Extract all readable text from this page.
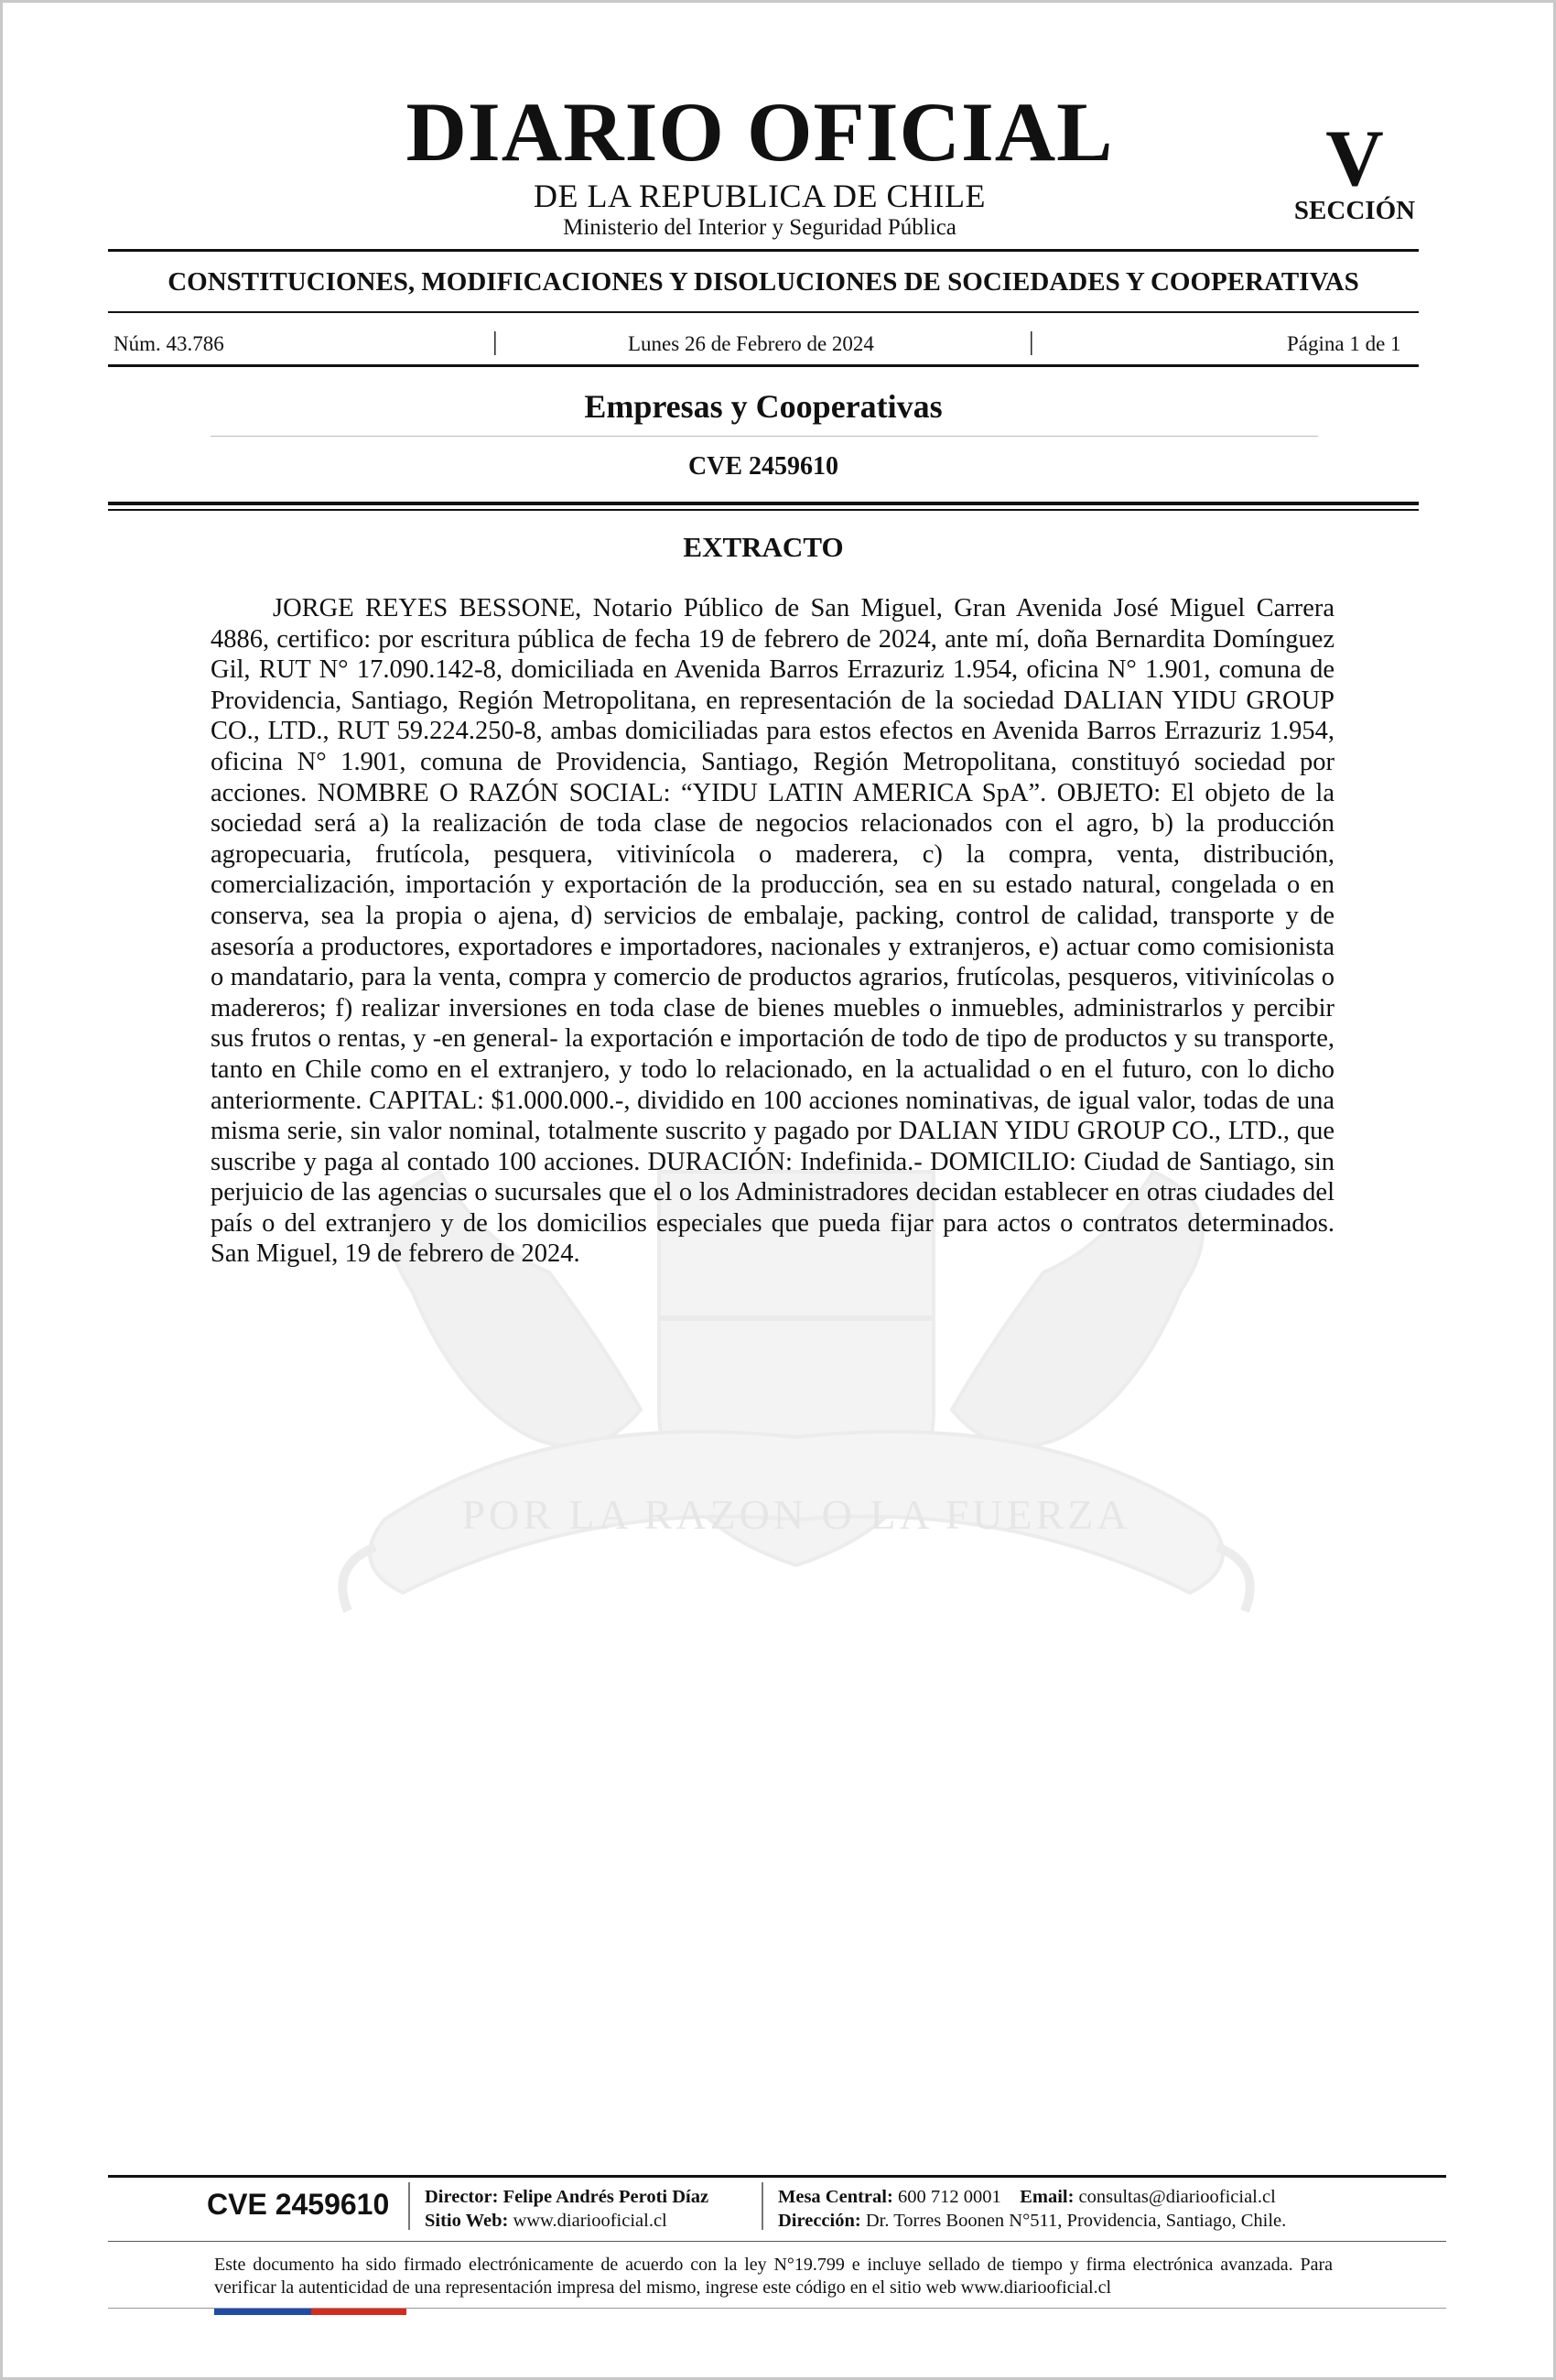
DIARIO OFICIAL
DE LA REPUBLICA DE CHILE
Ministerio del Interior y Seguridad Pública
V
SECCIÓN
CONSTITUCIONES, MODIFICACIONES Y DISOLUCIONES DE SOCIEDADES Y COOPERATIVAS
Núm. 43.786	|	Lunes 26 de Febrero de 2024	|	Página 1 de 1
Empresas y Cooperativas
CVE 2459610
POR LA RAZON O LA FUERZA
EXTRACTO

JORGE REYES BESSONE, Notario Público de San Miguel, Gran Avenida José Miguel Carrera 4886, certifico: por escritura pública de fecha 19 de febrero de 2024, ante mí, doña Bernardita Domínguez Gil, RUT N° 17.090.142-8, domiciliada en Avenida Barros Errazuriz 1.954, oficina N° 1.901, comuna de Providencia, Santiago, Región Metropolitana, en representación de la sociedad DALIAN YIDU GROUP CO., LTD., RUT 59.224.250-8, ambas domiciliadas para estos efectos en Avenida Barros Errazuriz 1.954, oficina N° 1.901, comuna de Providencia, Santiago, Región Metropolitana, constituyó sociedad por acciones. NOMBRE O RAZÓN SOCIAL: “YIDU LATIN AMERICA SpA”. OBJETO: El objeto de la sociedad será a) la realización de toda clase de negocios relacionados con el agro, b) la producción agropecuaria, frutícola, pesquera, vitivinícola o maderera, c) la compra, venta, distribución, comercialización, importación y exportación de la producción, sea en su estado natural, congelada o en conserva, sea la propia o ajena, d) servicios de embalaje, packing, control de calidad, transporte y de asesoría a productores, exportadores e importadores, nacionales y extranjeros, e) actuar como comisionista o mandatario, para la venta, compra y comercio de productos agrarios, frutícolas, pesqueros, vitivinícolas o madereros; f) realizar inversiones en toda clase de bienes muebles o inmuebles, administrarlos y percibir sus frutos o rentas, y -en general- la exportación e importación de todo de tipo de productos y su transporte, tanto en Chile como en el extranjero, y todo lo relacionado, en la actualidad o en el futuro, con lo dicho anteriormente. CAPITAL: $1.000.000.-, dividido en 100 acciones nominativas, de igual valor, todas de una misma serie, sin valor nominal, totalmente suscrito y pagado por DALIAN YIDU GROUP CO., LTD., que suscribe y paga al contado 100 acciones. DURACIÓN: Indefinida.- DOMICILIO: Ciudad de Santiago, sin perjuicio de las agencias o sucursales que el o los Administradores decidan establecer en otras ciudades del país o del extranjero y de los domicilios especiales que pueda fijar para actos o contratos determinados. San Miguel, 19 de febrero de 2024.

CVE 2459610 Director: Felipe Andrés Peroti Díaz
Sitio Web: www.diariooficial.cl
Mesa Central: 600 712 0001 Email: consultas@diariooficial.cl
Dirección: Dr. Torres Boonen N°511, Providencia, Santiago, Chile.

Este documento ha sido firmado electrónicamente de acuerdo con la ley N°19.799 e incluye sellado de tiempo y firma electrónica avanzada. Para verificar la autenticidad de una representación impresa del mismo, ingrese este código en el sitio web www.diariooficial.cl
